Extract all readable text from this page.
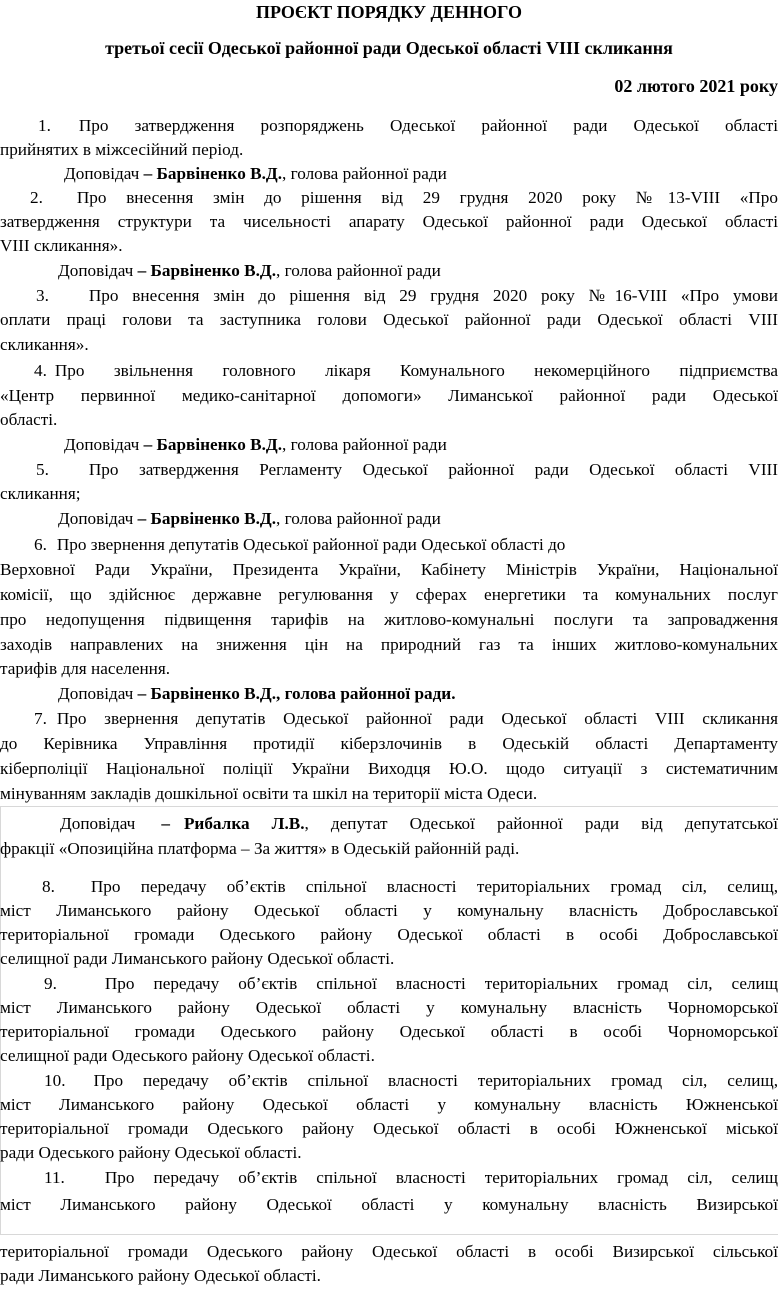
ПРОЄКТ ПОРЯДКУ ДЕННОГО
третьої сесії Одеської районної ради Одеської області VIII скликання
02 лютого 2021 року
1. Про затвердження розпоряджень Одеської районної ради Одеської області
прийнятих в міжсесійний період.
Доповідач – Барвіненко В.Д., голова районної ради
2. Про внесення змін до рішення від 29 грудня 2020 року №13-VIII «Про
затвердження структури та чисельності апарату Одеської районної ради Одеської області
VIII скликання».
Доповідач – Барвіненко В.Д., голова районної ради
3. Про внесення змін до рішення від 29 грудня 2020 року №16-VIII «Про умови
оплати праці голови та заступника голови Одеської районної ради Одеської області VIII
скликання».
4. Про звільнення головного лікаря Комунального некомерційного підприємства
«Центр первинної медико-санітарної допомоги» Лиманської районної ради Одеської
області.
Доповідач – Барвіненко В.Д., голова районної ради
5. Про затвердження Регламенту Одеської районної ради Одеської області VIII
скликання;
Доповідач – Барвіненко В.Д., голова районної ради
6. Про звернення депутатів Одеської районної ради Одеської області до
Верховної Ради України, Президента України, Кабінету Міністрів України, Національної
комісії, що здійснює державне регулювання у сферах енергетики та комунальних послуг
про недопущення підвищення тарифів на житлово-комунальні послуги та запровадження
заходів направлених на зниження цін на природний газ та інших житлово-комунальних
тарифів для населення.
Доповідач – Барвіненко В.Д., голова районної ради.
7. Про звернення депутатів Одеської районної ради Одеської області VIII скликання
до Керівника Управління протидії кіберзлочинів в Одеській області Департаменту
кіберполіції Національної поліції України Виходця Ю.О. щодо ситуації з систематичним
мінуванням закладів дошкільної освіти та шкіл на території міста Одеси.
Доповідач – Рибалка Л.В., депутат Одеської районної ради від депутатської
фракції «Опозиційна платформа – За життя» в Одеській районній раді.
8. Про передачу об’єктів спільної власності територіальних громад сіл, селищ,
міст Лиманського району Одеської області у комунальну власність Доброславської
територіальної громади Одеського району Одеської області в особі Доброславської
селищної ради Лиманського району Одеської області.
9.	Про передачу об’єктів спільної власності територіальних громад сіл, селищ
міст Лиманського району Одеської області у комунальну власність Чорноморської
територіальної громади Одеського району Одеської області в особі Чорноморської
селищної ради Одеського району Одеської області.
10. Про передачу об’єктів спільної власності територіальних громад сіл, селищ,
міст Лиманського району Одеської області у комунальну власність Южненської
територіальної громади Одеського району Одеської області в особі Южненської міської
ради Одеського району Одеської області.
11. Про передачу об’єктів спільної власності територіальних громад сіл, селищ
міст Лиманського району Одеської області у комунальну власність Визирської
територіальної громади Одеського району Одеської області в особі Визирської сільської
ради Лиманського району Одеської області.
